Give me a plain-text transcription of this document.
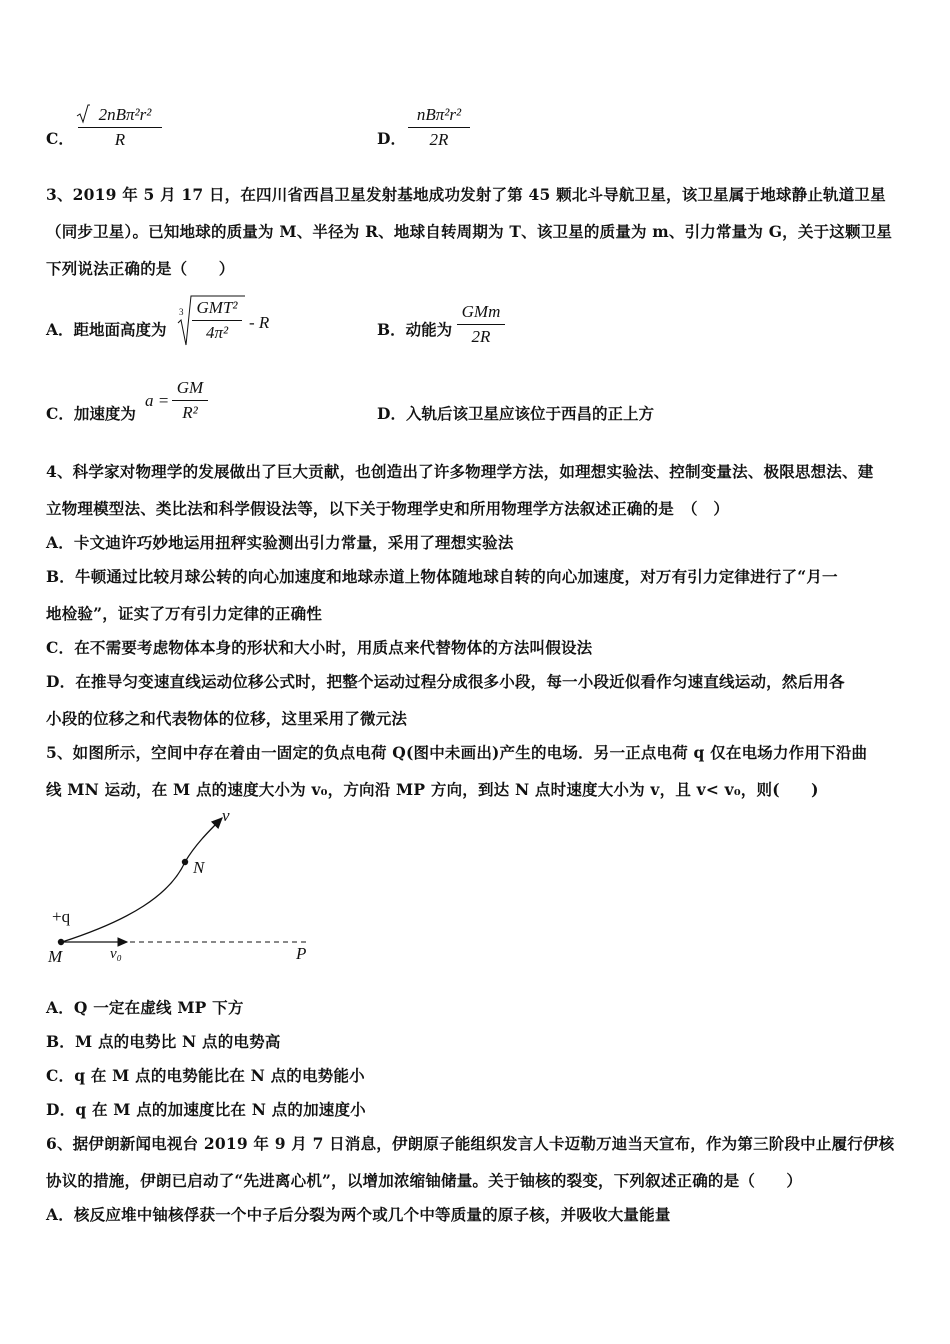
C．
2nBπ²r²
R	D．
nBπ²r²
2R
3、2019 年 5 月 17 日，在四川省西昌卫星发射基地成功发射了第 45 颗北斗导航卫星，该卫星属于地球静止轨道卫星
（同步卫星）。已知地球的质量为 M、半径为 R、地球自转周期为 T、该卫星的质量为 m、引力常量为 G，关于这颗卫星
下列说法正确的是（　　）
A．距地面高度为
3 GMT²
4π²
- R	B．动能为
GMm
2R
C．加速度为
a =
GM
R²	D．入轨后该卫星应该位于西昌的正上方
4、科学家对物理学的发展做出了巨大贡献，也创造出了许多物理学方法，如理想实验法、控制变量法、极限思想法、建
立物理模型法、类比法和科学假设法等，以下关于物理学史和所用物理学方法叙述正确的是　（　）
A．卡文迪许巧妙地运用扭秤实验测出引力常量，采用了理想实验法
B．牛顿通过比较月球公转的向心加速度和地球赤道上物体随地球自转的向心加速度，对万有引力定律进行了“月一
地检验”，证实了万有引力定律的正确性
C．在不需要考虑物体本身的形状和大小时，用质点来代替物体的方法叫假设法
D．在推导匀变速直线运动位移公式时，把整个运动过程分成很多小段，每一小段近似看作匀速直线运动，然后用各
小段的位移之和代表物体的位移，这里采用了微元法
5、如图所示，空间中存在着由一固定的负点电荷 Q(图中未画出)产生的电场．另一正点电荷 q 仅在电场力作用下沿曲
线 MN 运动，在 M 点的速度大小为 v₀，方向沿 MP 方向，到达 N 点时速度大小为 v，且 v< v₀，则(　　)
v
N
+q
M	v₀	P
A．Q 一定在虚线 MP 下方
B．M 点的电势比 N 点的电势高
C．q 在 M 点的电势能比在 N 点的电势能小
D．q 在 M 点的加速度比在 N 点的加速度小
6、据伊朗新闻电视台 2019 年 9 月 7 日消息，伊朗原子能组织发言人卡迈勒万迪当天宣布，作为第三阶段中止履行伊核
协议的措施，伊朗已启动了“先进离心机”，以增加浓缩铀储量。关于铀核的裂变，下列叙述正确的是（　　）
A．核反应堆中铀核俘获一个中子后分裂为两个或几个中等质量的原子核，并吸收大量能量
